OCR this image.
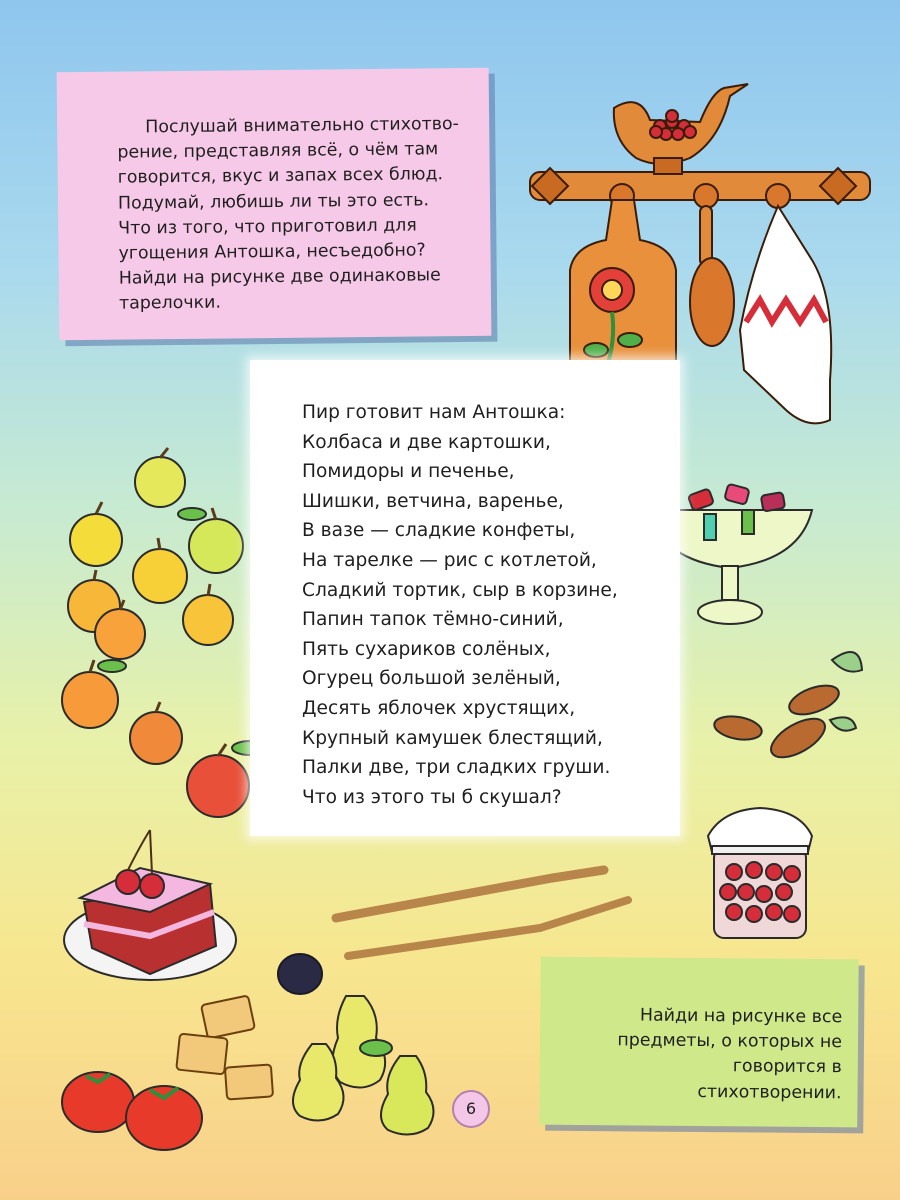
Послушай внимательно стихотво-
рение, представляя всё, о чём там
говорится, вкус и запах всех блюд.
Подумай, любишь ли ты это есть.
Что из того, что приготовил для
угощения Антошка, несъедобно?
Найди на рисунке две одинаковые
тарелочки.

Пир готовит нам Антошка:
Колбаса и две картошки,
Помидоры и печенье,
Шишки, ветчина, варенье,
В вазе — сладкие конфеты,
На тарелке — рис с котлетой,
Сладкий тортик, сыр в корзине,
Папин тапок тёмно-синий,
Пять сухариков солёных,
Огурец большой зелёный,
Десять яблочек хрустящих,
Крупный камушек блестящий,
Палки две, три сладких груши.
Что из этого ты б скушал?

Найди на рисунке все
предметы, о которых не
говорится в стихотворении.

6
